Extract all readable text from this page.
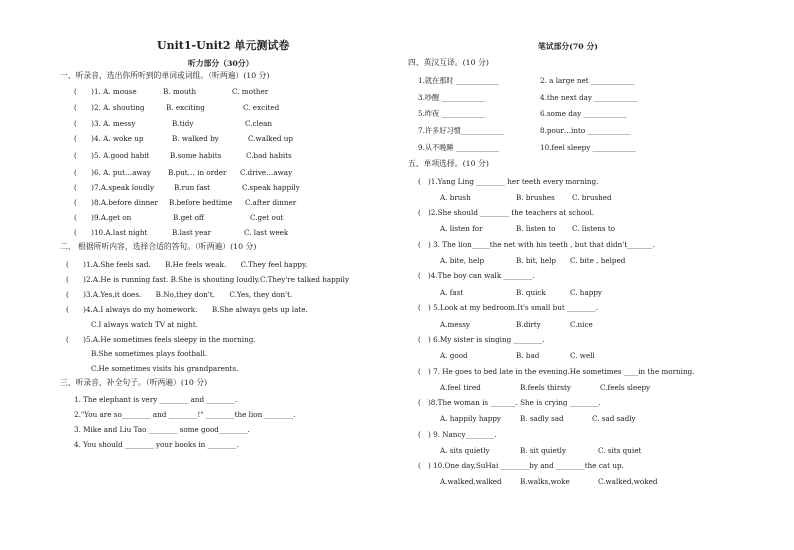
Unit1-Unit2 单元测试卷
听力部分（30分）
笔试部分(70 分)
一、听录音，选出你所听到的单词或词组。（听两遍）(10 分)
(　　)1. A. mouse	B. mouth	C. mother
(　　)2. A. shouting	B. exciting	C. excited
(　　)3. A. messy	B.tidy	C.clean
(　　)4. A. woke up	B. walked by	C.walked up
(　　)5. A.good habit	B.some habits	C.bad habits
(　　)6. A. put…away B.put… in order C.drive…away
(　　)7.A.speak loudly	B.run fast	C.speak happily
(　　)8.A.before dinner B.before bedtime C.after dinner
(　　)9.A.get on	B.get off	C.get out
(　　)10.A.last night	B.last year	C. last week
二、 根据所听内容，选择合适的答句。（听两遍）(10 分)
(　　)1.A.She feels sad.　　B.He feels weak.　　C.They feel happy.
(　　)2.A.He is running fast. B.She is shouting loudly.C.They're talked happily
(　　)3.A.Yes,it does.　　B.No,they don't.　　C.Yes, they don't.
(　　)4.A.I always do my homework.　　B.She always gets up late.
C.I always watch TV at night.
(　　)5.A.He sometimes feels sleepy in the morning.
B.She sometimes plays football.
C.He sometimes visits his grandparents.
三、听录音，补全句子。（听两遍）(10 分)
1. The elephant is very ________ and ________.
2."You are so________ and ________!" ________the lion ________.
3. Mike and Liu Tao ________ some good________.
4. You should ________ your books in ________.
四、英汉互译。(10 分)
1.就在那时 ____________	2. a large net ____________
3.吵醒 ____________	4.the next day ____________
5.昨夜 ____________	6.some day ____________
7.许多好习惯____________	8.pour…into ____________
9.从不晚睡 ____________	10.feel sleepy ____________
五、单项选择。(10 分)
(　)1.Yang Ling ________ her teeth every morning.
A. brush	B. brushes C. brushed
(　)2.She should ________ the teachers at school.
A. listen for	B. listen to C. listens to
(　) 3. The lion_____the net with his teeth , but that didn't_______.
A. bite, help	B. bit, help C. bite , helped
(　)4.The boy can walk ________.
A. fast	B. quick	C. happy
(　) 5.Look at my bedroom.It's small but ________.
A.messy	B.dirty	C.nice
(　) 6.My sister is singing ________.
A. good	B. bad	C. well
(　) 7. He goes to bed late in the evening.He sometimes ____in the morning.
A.feel tired	B.feels thirsty	C.feels sleepy
(　)8.The woman is _______. She is crying ________.
A. happily happy	B. sadly sad	C. sad sadly
(　) 9. Nancy________.
A. sits quietly	B. sit quietly	C. sits quiet
(　) 10.One day,SuHai ________by and ________the cat up.
A.walked,walked	B.walks,woke	C.walked,woked
